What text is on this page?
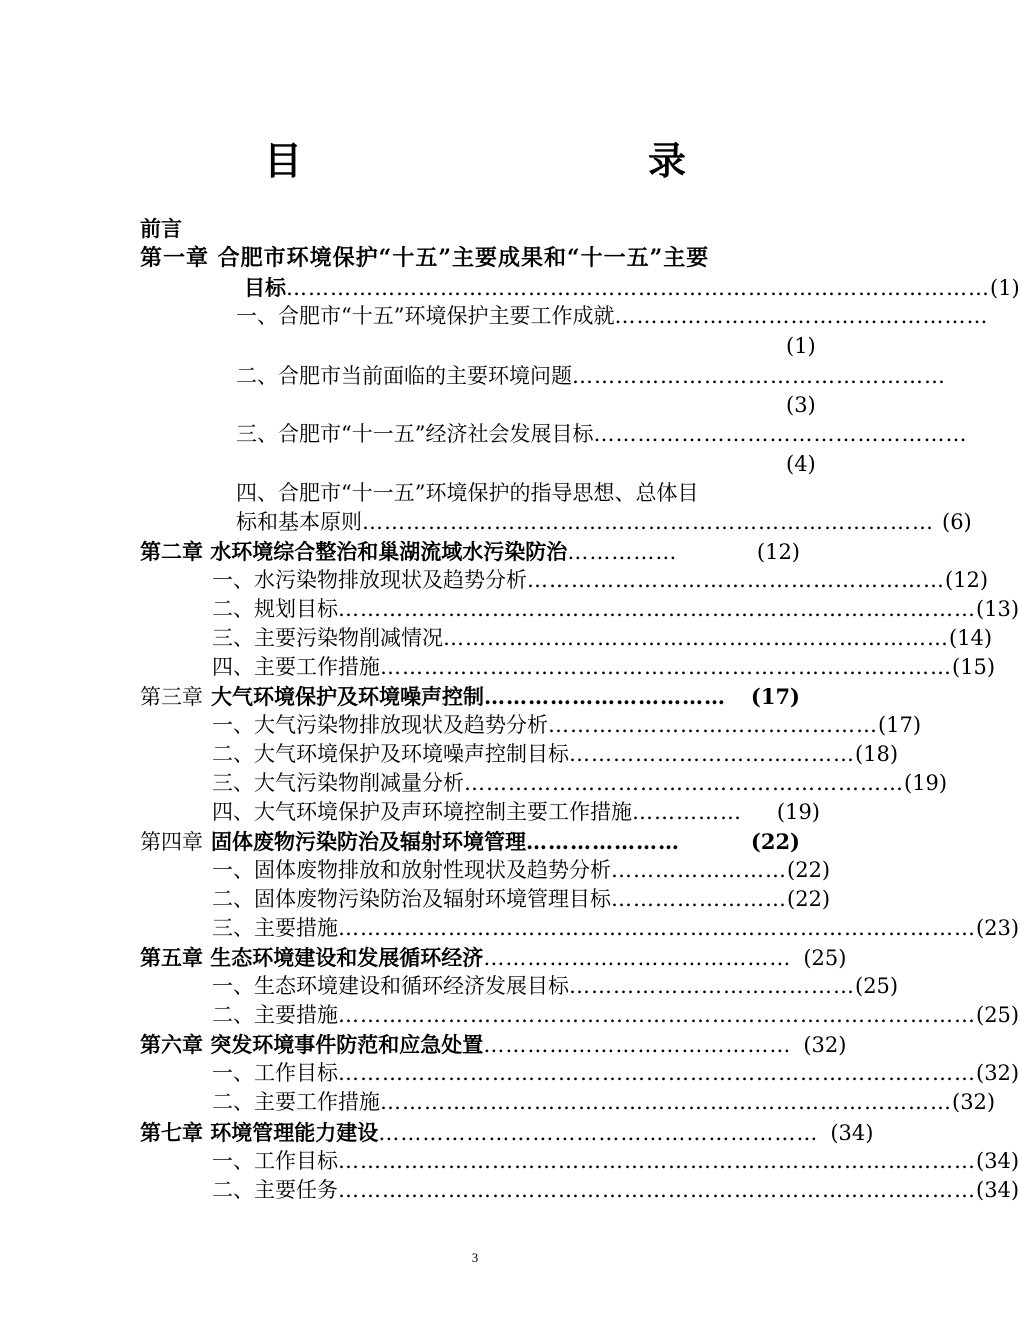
目　　录
前言
第一章 合肥市环境保护“十五”主要成果和“十一五”主要
目标 …………………………………………………………………………………… (1)
一、合肥市“十五”环境保护主要工作成就 ……………………………………………
(1)
二、合肥市当前面临的主要环境问题 ……………………………………………
(3)
三、合肥市“十一五”经济社会发展目标 ……………………………………………
(4)
四、合肥市“十一五”环境保护的指导思想、总体目
标和基本原则 …………………………………………………………………… (6)
第二章 水环境综合整治和巢湖流域水污染防治 ……………	(12)
一、水污染物排放现状及趋势分析 ………………………………………………… (12)
二、规划目标 …………………………………………………………………………… (13)
三、主要污染物削减情况 …………………………………………………………… (14)
四、主要工作措施 …………………………………………………………………… (15)
第三章 大气环境保护及环境噪声控制 ……………………………	(17)
一、大气污染物排放现状及趋势分析 ……………………………………… (17)
二、大气环境保护及环境噪声控制目标 ………………………………… (18)
三、大气污染物削减量分析 …………………………………………………… (19)
四、大气环境保护及声环境控制主要工作措施 ……………	(19)
第四章 固体废物污染防治及辐射环境管理 …………………	(22)
一、固体废物排放和放射性现状及趋势分析 …………………… (22)
二、固体废物污染防治及辐射环境管理目标 …………………… (22)
三、主要措施 …………………………………………………………………………… (23)
第五章 生态环境建设和发展循环经济 …………………………………… (25)
一、生态环境建设和循环经济发展目标 ………………………………… (25)
二、主要措施 …………………………………………………………………………… (25)
第六章 突发环境事件防范和应急处置 …………………………………… (32)
一、工作目标 …………………………………………………………………………… (32)
二、主要工作措施 …………………………………………………………………… (32)
第七章 环境管理能力建设 …………………………………………………… (34)
一、工作目标 …………………………………………………………………………… (34)
二、主要任务 …………………………………………………………………………… (34)
3
